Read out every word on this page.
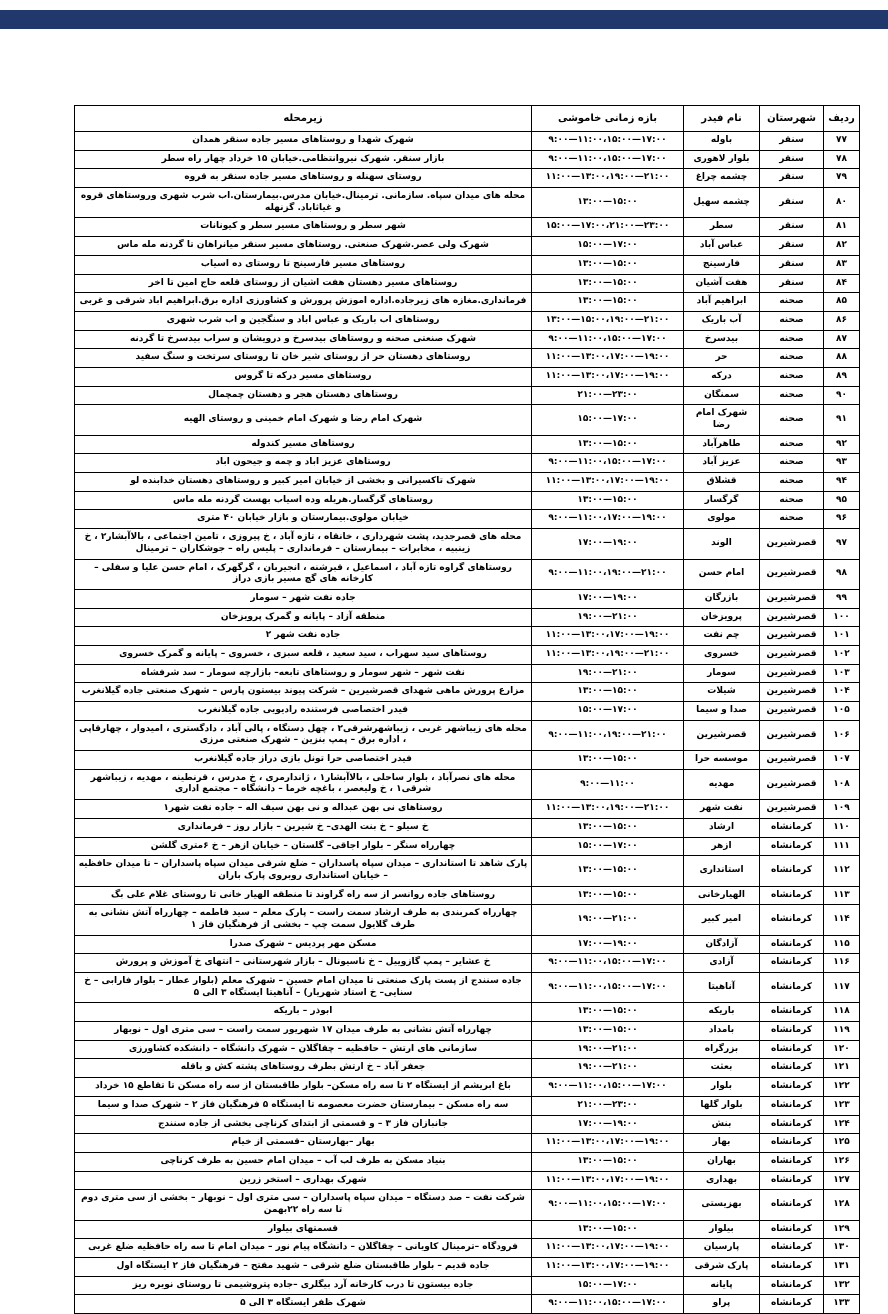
ردیف	شهرستان	نام فیدر	بازه زمانی خاموشی	زیرمحله
۷۷	سنقر	باوله	۹:۰۰—۱۱:۰۰،۱۵:۰۰—۱۷:۰۰	شهرک شهدا و روستاهای مسیر جاده سنقر همدان
۷۸	سنقر	بلوار لاهوری	۹:۰۰—۱۱:۰۰،۱۵:۰۰—۱۷:۰۰	بازار سنقر. شهرک نیروانتظامی.خیابان ۱۵ خرداد چهار راه سطر
۷۹	سنقر	چشمه چراغ	۱۱:۰۰—۱۳:۰۰،۱۹:۰۰—۲۱:۰۰	روستای سهنله و روستاهای مسیر جاده سنقر به قروه
۸۰	سنقر	چشمه سهیل	۱۳:۰۰—۱۵:۰۰	محله های میدان سپاه. سازمانی. ترمینال.خیابان مدرس.بیمارستان.اب شرب شهری وروستاهای قروه و غیاثاباد. گزنهله
۸۱	سنقر	سطر	۱۵:۰۰—۱۷:۰۰،۲۱:۰۰—۲۳:۰۰	شهر سطر و روستاهای مسیر سطر و کیونانات
۸۲	سنقر	عباس آباد	۱۵:۰۰—۱۷:۰۰	شهرک ولی عصر.شهرک صنعتی. روستاهای مسیر سنقر میانراهان تا گردنه مله ماس
۸۳	سنقر	فارسینج	۱۳:۰۰—۱۵:۰۰	روستاهای مسیر فارسینج تا روستای ده اسیاب
۸۴	سنقر	هفت آشیان	۱۳:۰۰—۱۵:۰۰	روستاهای مسیر دهستان هفت اشیان از روستای قلعه حاج امین تا اخر
۸۵	صحنه	ابراهیم آباد	۱۳:۰۰—۱۵:۰۰	فرمانداری.مغازه های زیرجاده.اداره اموزش پرورش و کشاورزی اداره برق.ابراهیم اباد شرقی و غربی
۸۶	صحنه	آب باریک	۱۳:۰۰—۱۵:۰۰،۱۹:۰۰—۲۱:۰۰	روستاهای اب باریک و عباس اباد و سنگجین و اب شرب شهری
۸۷	صحنه	بیدسرخ	۹:۰۰—۱۱:۰۰،۱۵:۰۰—۱۷:۰۰	شهرک صنعتی صحنه و روستاهای بیدسرخ و درویشان و سراب بیدسرخ تا گردنه
۸۸	صحنه	حر	۱۱:۰۰—۱۳:۰۰،۱۷:۰۰—۱۹:۰۰	روستاهای دهستان حر از روستای شیر خان تا روستای سرتخت و سنگ سفید
۸۹	صحنه	درکه	۱۱:۰۰—۱۳:۰۰،۱۷:۰۰—۱۹:۰۰	روستاهای مسیر درکه تا گروس
۹۰	صحنه	سمنگان	۲۱:۰۰—۲۳:۰۰	روستاهای دهستان هجر و دهستان چمچمال
۹۱	صحنه	شهرک امام رضا	۱۵:۰۰—۱۷:۰۰	شهرک امام رضا و شهرک امام خمینی و روستای الهیه
۹۲	صحنه	طاهرآباد	۱۳:۰۰—۱۵:۰۰	روستاهای مسیر کندوله
۹۳	صحنه	عزیز آباد	۹:۰۰—۱۱:۰۰،۱۵:۰۰—۱۷:۰۰	روستاهای عزیز اباد و چمه و جیحون اباد
۹۴	صحنه	قشلاق	۱۱:۰۰—۱۳:۰۰،۱۷:۰۰—۱۹:۰۰	شهرک تاکسیرانی و بخشی از خیابان امیر کبیر و روستاهای دهستان خدابنده لو
۹۵	صحنه	گرگسار	۱۳:۰۰—۱۵:۰۰	روستاهای گرگسار.هریله وده اسیاب بهست گردنه مله ماس
۹۶	صحنه	مولوی	۹:۰۰—۱۱:۰۰،۱۷:۰۰—۱۹:۰۰	خیابان مولوی.بیمارستان و بازار خیابان ۴۰ متری
۹۷	قصرشیرین	الوند	۱۷:۰۰—۱۹:۰۰	محله های قصرجدید، پشت شهرداری ، خانقاه ، تازه آباد ، خ پیروزی ، تامین اجتماعی ، بالاآبشار۲ ، خ زینبیه ، مخابرات – بیمارستان – فرمانداری – پلیس راه – جوشکاران – ترمینال
۹۸	قصرشیرین	امام حسن	۹:۰۰—۱۱:۰۰،۱۹:۰۰—۲۱:۰۰	روستاهای گراوه تازه آباد ، اسماعیل ، قبرشنه ، انجیربان ، گرگهرک ، امام حسن علیا و سفلی – کارخانه های گچ مسیر بازی دراز
۹۹	قصرشیرین	بازرگان	۱۷:۰۰—۱۹:۰۰	جاده نفت شهر – سومار
۱۰۰	قصرشیرین	پرویزخان	۱۹:۰۰—۲۱:۰۰	منطقه آزاد – پایانه و گمرک پرویزخان
۱۰۱	قصرشیرین	چم نفت	۱۱:۰۰—۱۳:۰۰،۱۷:۰۰—۱۹:۰۰	جاده نفت شهر ۲
۱۰۲	قصرشیرین	خسروی	۱۱:۰۰—۱۳:۰۰،۱۹:۰۰—۲۱:۰۰	روستاهای سید سهراب ، سید سعید ، قلعه سبزی ، خسروی – پایانه و گمرک خسروی
۱۰۳	قصرشیرین	سومار	۱۹:۰۰—۲۱:۰۰	نفت شهر – شهر سومار و روستاهای تابعه– بازارچه سومار – سد شرفشاه
۱۰۴	قصرشیرین	شیلات	۱۳:۰۰—۱۵:۰۰	مزارع پرورش ماهی شهدای قصرشیرین – شرکت پیوند بیستون پارس – شهرک صنعتی جاده گیلانغرب
۱۰۵	قصرشیرین	صدا و سیما	۱۵:۰۰—۱۷:۰۰	فیدر اختصاصی فرستنده رادیویی جاده گیلانغرب
۱۰۶	قصرشیرین	قصرشیرین	۹:۰۰—۱۱:۰۰،۱۹:۰۰—۲۱:۰۰	محله های زیباشهر غربی ، زیباشهرشرقی۲ ، چهل دستگاه ، پالی آباد ، دادگستری ، امیدوار ، چهارقاپی ، اداره برق – پمپ بنزین – شهرک صنعتی مرزی
۱۰۷	قصرشیرین	موسسه حرا	۱۳:۰۰—۱۵:۰۰	فیدر اختصاصی حرا تونل بازی دراز جاده گیلانغرب
۱۰۸	قصرشیرین	مهدیه	۹:۰۰—۱۱:۰۰	محله های نصرآباد ، بلوار ساحلی ، بالاآبشار۱ ، ژاندارمری ، خ مدرس ، قرنطینه ، مهدیه ، زیباشهر شرقی۱ ، خ ولیعصر ، باغچه خرما – دانشگاه – مجتمع اداری
۱۰۹	قصرشیرین	نفت شهر	۱۱:۰۰—۱۳:۰۰،۱۹:۰۰—۲۱:۰۰	روستاهای نی بهن عبداله و نی بهن سیف اله – جاده نفت شهر۱
۱۱۰	کرمانشاه	ارشاد	۱۳:۰۰—۱۵:۰۰	خ سیلو – خ بنت الهدی– خ شیرین – بازار روز – فرمانداری
۱۱۱	کرمانشاه	ازهر	۱۵:۰۰—۱۷:۰۰	چهارراه سنگر – بلوار اجاقی– گلستان – خیابان ازهر – خ ۶متری گلشن
۱۱۲	کرمانشاه	استانداری	۱۳:۰۰—۱۵:۰۰	پارک شاهد تا استانداری – میدان سپاه پاسداران – ضلع شرقی میدان سپاه پاسداران – تا میدان حافظیه – خیابان استانداری روبروی پارک باران
۱۱۳	کرمانشاه	الهیارخانی	۱۳:۰۰—۱۵:۰۰	روستاهای جاده روانسر از سه راه گراوند تا منطقه الهیار خانی تا روستای غلام علی بگ
۱۱۴	کرمانشاه	امیر کبیر	۱۹:۰۰—۲۱:۰۰	چهارراه کمربندی به طرف ارشاد سمت راست – پارک معلم – سید فاطمه – چهارراه آتش نشانی به طرف گلایول سمت چپ – بخشی از فرهنگیان فاز ۱
۱۱۵	کرمانشاه	آزادگان	۱۷:۰۰—۱۹:۰۰	مسکن مهر پردیس – شهرک صدرا
۱۱۶	کرمانشاه	آزادی	۹:۰۰—۱۱:۰۰،۱۵:۰۰—۱۷:۰۰	خ عشایر – پمپ گازوییل – خ ناسیونال – بازار شهرستانی – انتهای خ آموزش و پرورش
۱۱۷	کرمانشاه	آناهیتا	۹:۰۰—۱۱:۰۰،۱۵:۰۰—۱۷:۰۰	جاده سنندج از پست پارک صنعتی تا میدان امام حسین – شهرک معلم (بلوار عطار – بلوار فارابی – خ سنایی– خ استاد شهریار) – آناهیتا ایستگاه ۳ الی ۵
۱۱۸	کرمانشاه	باریکه	۱۳:۰۰—۱۵:۰۰	ابوذر – باریکه
۱۱۹	کرمانشاه	بامداد	۱۳:۰۰—۱۵:۰۰	چهارراه آتش نشانی به طرف میدان ۱۷ شهریور سمت راست – سی متری اول – نوبهار
۱۲۰	کرمانشاه	بزرگراه	۱۹:۰۰—۲۱:۰۰	سازمانی های ارتش – حافظیه – چقاگلان – شهرک دانشگاه – دانشکده کشاورزی
۱۲۱	کرمانشاه	بعثت	۱۹:۰۰—۲۱:۰۰	جعفر آباد – خ ارتش بطرف روستاهای پشته کش و باقله
۱۲۲	کرمانشاه	بلوار	۹:۰۰—۱۱:۰۰،۱۵:۰۰—۱۷:۰۰	باغ ابریشم از ایستگاه ۲ تا سه راه مسکن– بلوار طاقبستان از سه راه مسکن تا تقاطع ۱۵ خرداد
۱۲۳	کرمانشاه	بلوار گلها	۲۱:۰۰—۲۳:۰۰	سه راه مسکن – بیمارستان حضرت معصومه تا ایستگاه ۵ فرهنگیان فاز ۲ – شهرک صدا و سیما
۱۲۴	کرمانشاه	بنش	۱۷:۰۰—۱۹:۰۰	جانبازان فاز ۳ – و قسمتی از ابتدای کرناچی بخشی از جاده سنندج
۱۲۵	کرمانشاه	بهار	۱۱:۰۰—۱۳:۰۰،۱۷:۰۰—۱۹:۰۰	بهار –بهارستان –قسمتی از خیام
۱۲۶	کرمانشاه	بهاران	۱۳:۰۰—۱۵:۰۰	بنیاد مسکن به طرف لب آب – میدان امام حسین به طرف کرناچی
۱۲۷	کرمانشاه	بهداری	۱۱:۰۰—۱۳:۰۰،۱۷:۰۰—۱۹:۰۰	شهرک بهداری – استخر زرین
۱۲۸	کرمانشاه	بهزیستی	۹:۰۰—۱۱:۰۰،۱۵:۰۰—۱۷:۰۰	شرکت نفت – صد دستگاه – میدان سپاه پاسداران – سی متری اول – نوبهار – بخشی از سی متری دوم تا سه راه ۲۲بهمن
۱۲۹	کرمانشاه	بیلوار	۱۳:۰۰—۱۵:۰۰	قسمتهای بیلوار
۱۳۰	کرمانشاه	پارسیان	۱۱:۰۰—۱۳:۰۰،۱۷:۰۰—۱۹:۰۰	فرودگاه –ترمینال کاویانی – چقاگلان – دانشگاه پیام نور – میدان امام تا سه راه حافظیه ضلع غربی
۱۳۱	کرمانشاه	پارک شرقی	۱۱:۰۰—۱۳:۰۰،۱۷:۰۰—۱۹:۰۰	جاده قدیم – بلوار طاقبستان ضلع شرقی – شهید مفتح – فرهنگیان فاز ۲ ایستگاه اول
۱۳۲	کرمانشاه	پایانه	۱۵:۰۰—۱۷:۰۰	جاده بیستون تا درب کارخانه آرد بیگلری –جاده پتروشیمی تا روستای نویره ریز
۱۳۳	کرمانشاه	پراو	۹:۰۰—۱۱:۰۰،۱۵:۰۰—۱۷:۰۰	شهرک ظفر ایستگاه ۳ الی ۵
